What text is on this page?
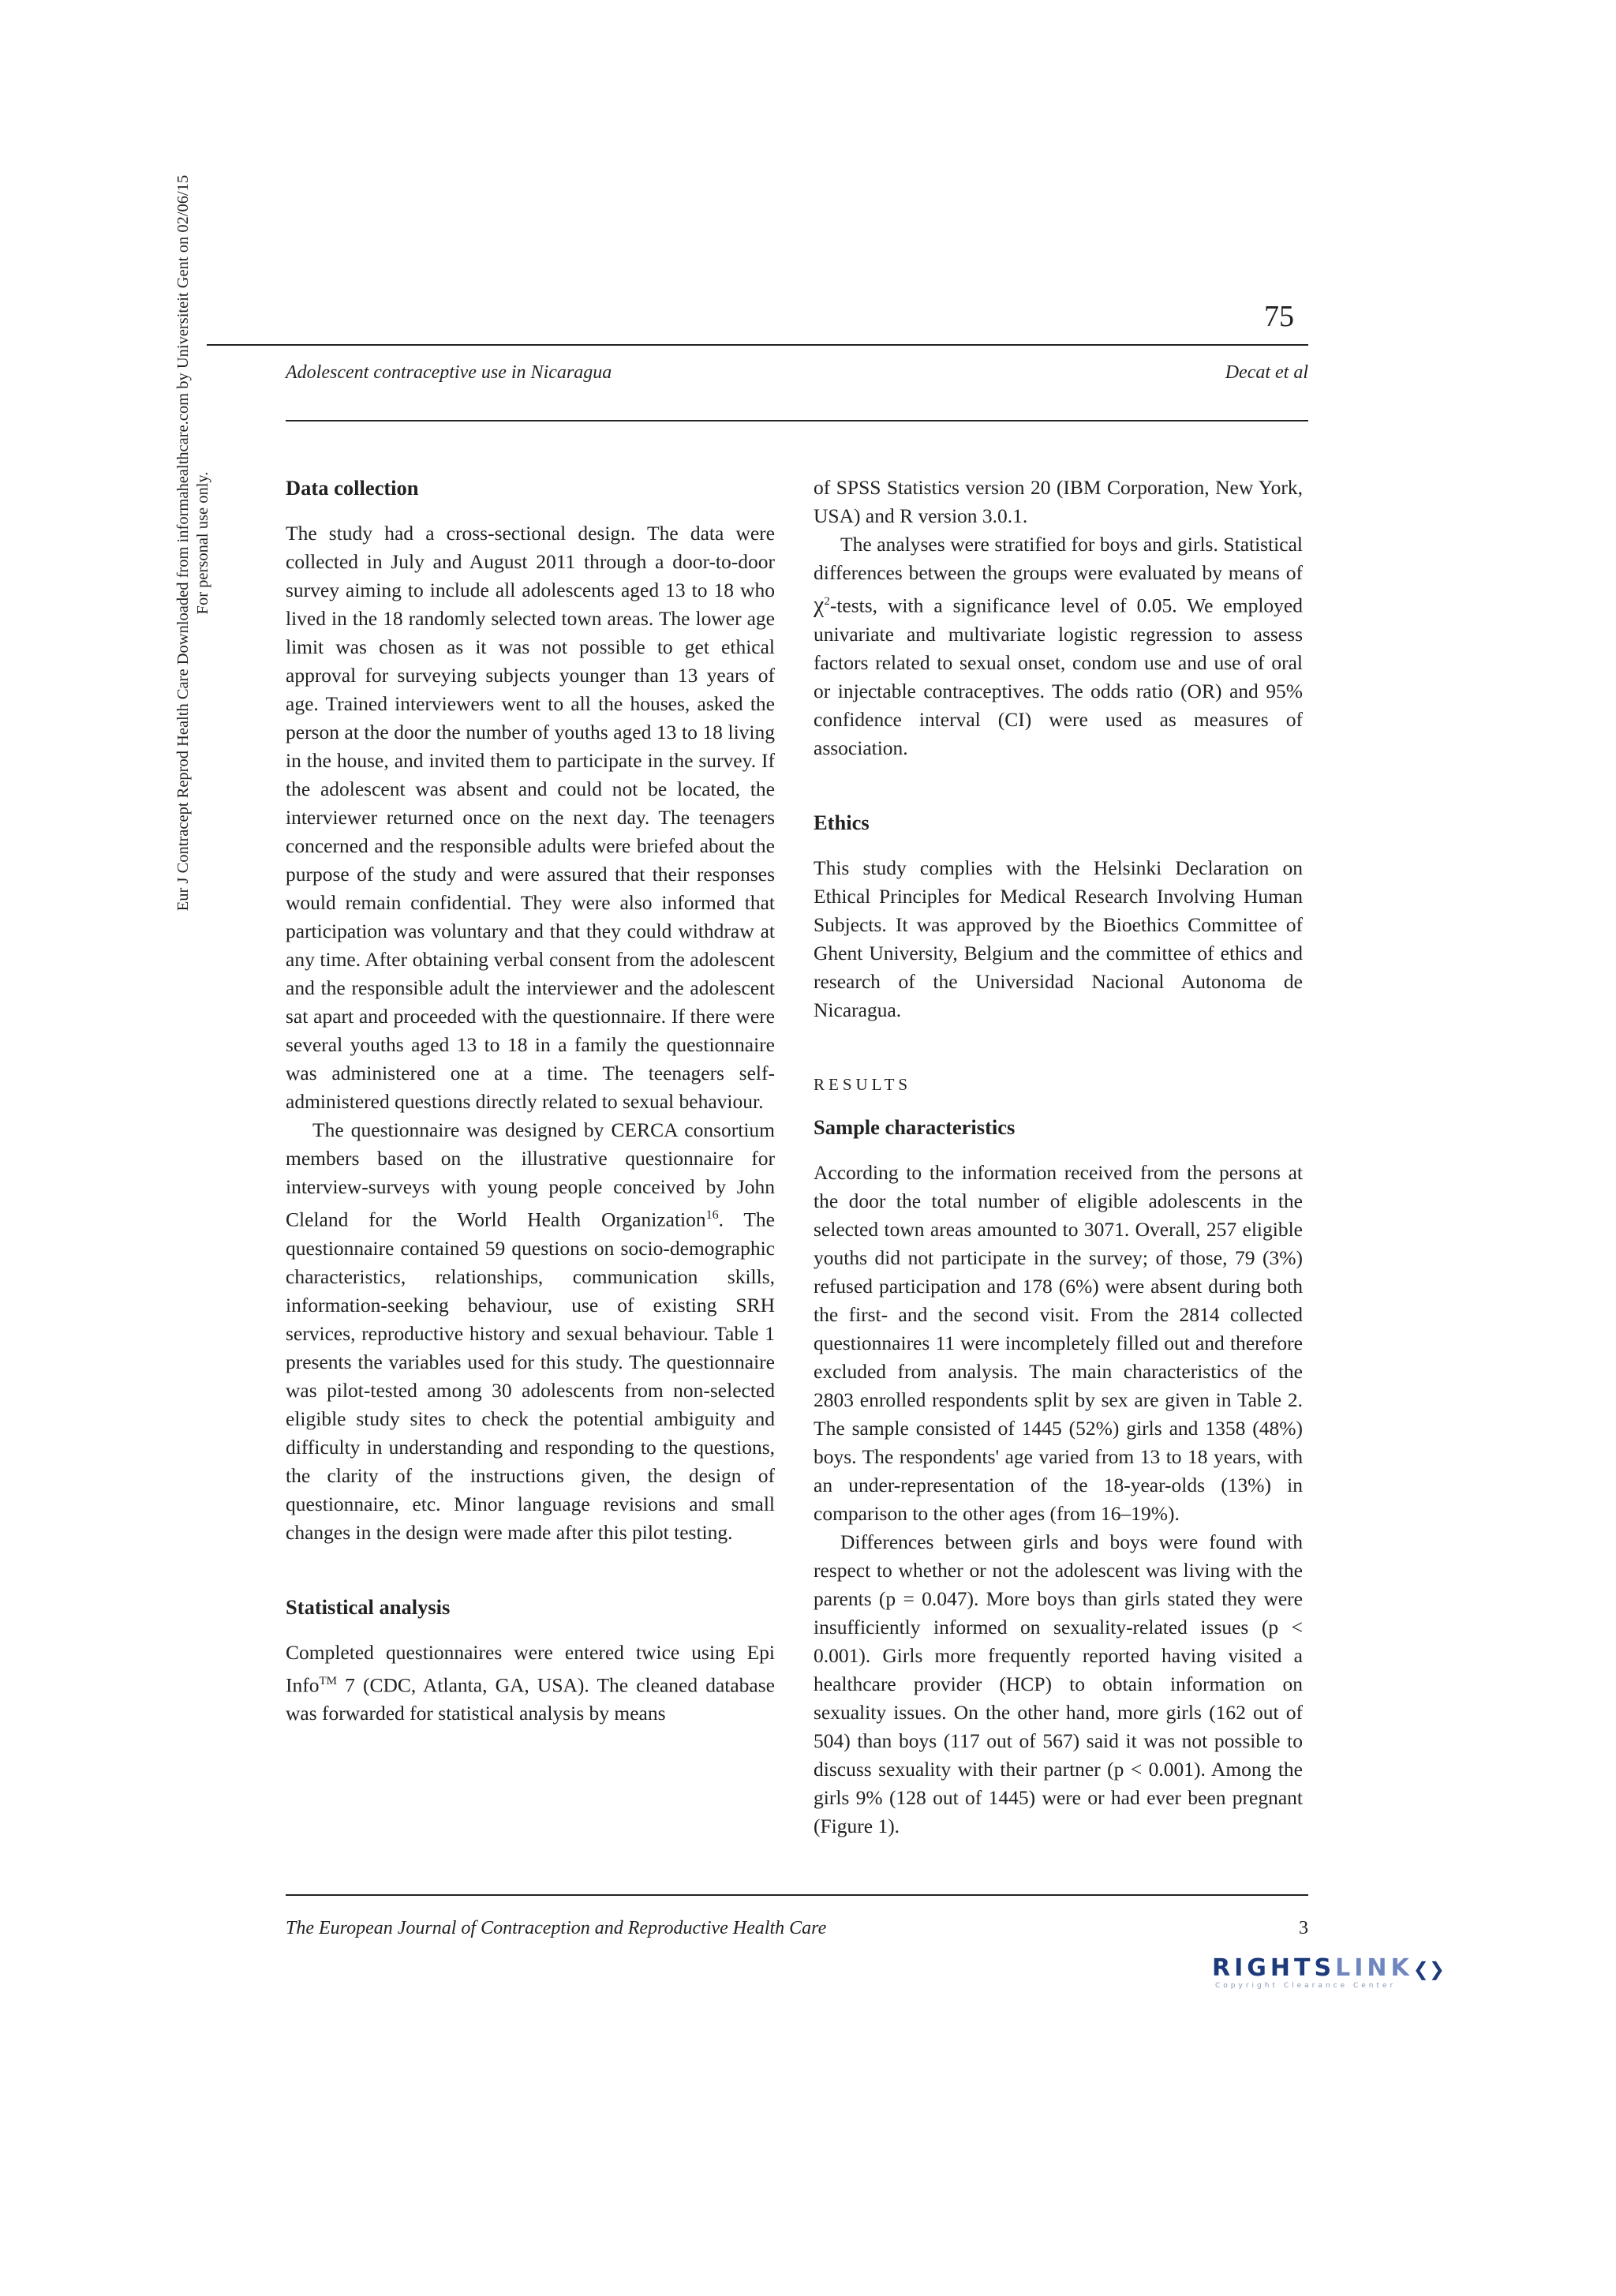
75
Adolescent contraceptive use in Nicaragua	Decat et al
Eur J Contracept Reprod Health Care Downloaded from informahealthcare.com by Universiteit Gent on 02/06/15 For personal use only.	Data collection

The study had a cross-sectional design. The data were collected in July and August 2011 through a door-to-door survey aiming to include all adolescents aged 13 to 18 who lived in the 18 randomly selected town areas. The lower age limit was chosen as it was not possible to get ethical approval for surveying subjects younger than 13 years of age. Trained interviewers went to all the houses, asked the person at the door the number of youths aged 13 to 18 living in the house, and invited them to participate in the survey. If the adolescent was absent and could not be located, the interviewer returned once on the next day. The teenagers concerned and the responsible adults were briefed about the purpose of the study and were assured that their responses would remain confidential. They were also informed that participation was voluntary and that they could withdraw at any time. After obtaining verbal consent from the adolescent and the responsible adult the interviewer and the adolescent sat apart and proceeded with the questionnaire. If there were several youths aged 13 to 18 in a family the questionnaire was administered one at a time. The teenagers self-administered questions directly related to sexual behaviour.

The questionnaire was designed by CERCA consortium members based on the illustrative questionnaire for interview-surveys with young people conceived by John Cleland for the World Health Organization$^{16}$. The questionnaire contained 59 questions on socio-demographic characteristics, relationships, communication skills, information-seeking behaviour, use of existing SRH services, reproductive history and sexual behaviour. Table 1 presents the variables used for this study. The questionnaire was pilot-tested among 30 adolescents from non-selected eligible study sites to check the potential ambiguity and difficulty in understanding and responding to the questions, the clarity of the instructions given, the design of questionnaire, etc. Minor language revisions and small changes in the design were made after this pilot testing.

Statistical analysis

Completed questionnaires were entered twice using Epi Info™ 7 (CDC, Atlanta, GA, USA). The cleaned database was forwarded for statistical analysis by means

of SPSS Statistics version 20 (IBM Corporation, New York, USA) and R version 3.0.1.

The analyses were stratified for boys and girls. Statistical differences between the groups were evaluated by means of $\chi^2$-tests, with a significance level of 0.05. We employed univariate and multivariate logistic regression to assess factors related to sexual onset, condom use and use of oral or injectable contraceptives. The odds ratio (OR) and 95% confidence interval (CI) were used as measures of association.

Ethics

This study complies with the Helsinki Declaration on Ethical Principles for Medical Research Involving Human Subjects. It was approved by the Bioethics Committee of Ghent University, Belgium and the committee of ethics and research of the Universidad Nacional Autonoma de Nicaragua.

RESULTS
Sample characteristics

According to the information received from the persons at the door the total number of eligible adolescents in the selected town areas amounted to 3071. Overall, 257 eligible youths did not participate in the survey; of those, 79 (3%) refused participation and 178 (6%) were absent during both the first- and the second visit. From the 2814 collected questionnaires 11 were incompletely filled out and therefore excluded from analysis. The main characteristics of the 2803 enrolled respondents split by sex are given in Table 2. The sample consisted of 1445 (52%) girls and 1358 (48%) boys. The respondents' age varied from 13 to 18 years, with an under-representation of the 18-year-olds (13%) in comparison to the other ages (from 16–19%).

Differences between girls and boys were found with respect to whether or not the adolescent was living with the parents (p = 0.047). More boys than girls stated they were insufficiently informed on sexuality-related issues (p < 0.001). Girls more frequently reported having visited a healthcare provider (HCP) to obtain information on sexuality issues. On the other hand, more girls (162 out of 504) than boys (117 out of 567) said it was not possible to discuss sexuality with their partner (p < 0.001). Among the girls 9% (128 out of 1445) were or had ever been pregnant (Figure 1).

The European Journal of Contraception and Reproductive Health Care	3
RIGHTSLINK❮❯
Copyright Clearance Center
